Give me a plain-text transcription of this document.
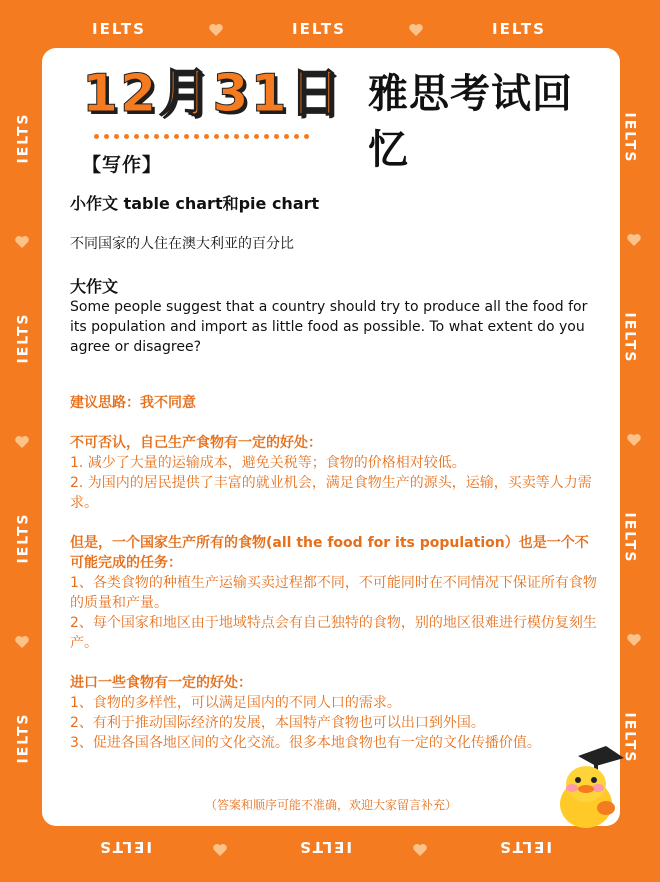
IELTS	IELTS	IELTS
IELTS	IELTS	IELTS
IELTS
IELTS
IELTS
IELTS
IELTS
IELTS
IELTS
IELTS
12月31日 雅思考试回忆
【写作】
小作文 table chart和pie chart
不同国家的人住在澳大利亚的百分比
大作文
Some people suggest that a country should try to produce all the food for its population and import as little food as possible. To what extent do you agree or disagree?
建议思路：我不同意
不可否认，自己生产食物有一定的好处：
1. 减少了大量的运输成本，避免关税等；食物的价格相对较低。
2. 为国内的居民提供了丰富的就业机会，满足食物生产的源头，运输，买卖等人力需求。
但是，一个国家生产所有的食物(all the food for its population）也是一个不可能完成的任务：
1、各类食物的种植生产运输买卖过程都不同，不可能同时在不同情况下保证所有食物的质量和产量。
2、每个国家和地区由于地域特点会有自己独特的食物，别的地区很难进行模仿复刻生产。
进口一些食物有一定的好处：
1、食物的多样性，可以满足国内的不同人口的需求。
2、有利于推动国际经济的发展，本国特产食物也可以出口到外国。
3、促进各国各地区间的文化交流。很多本地食物也有一定的文化传播价值。
（答案和顺序可能不准确，欢迎大家留言补充）
